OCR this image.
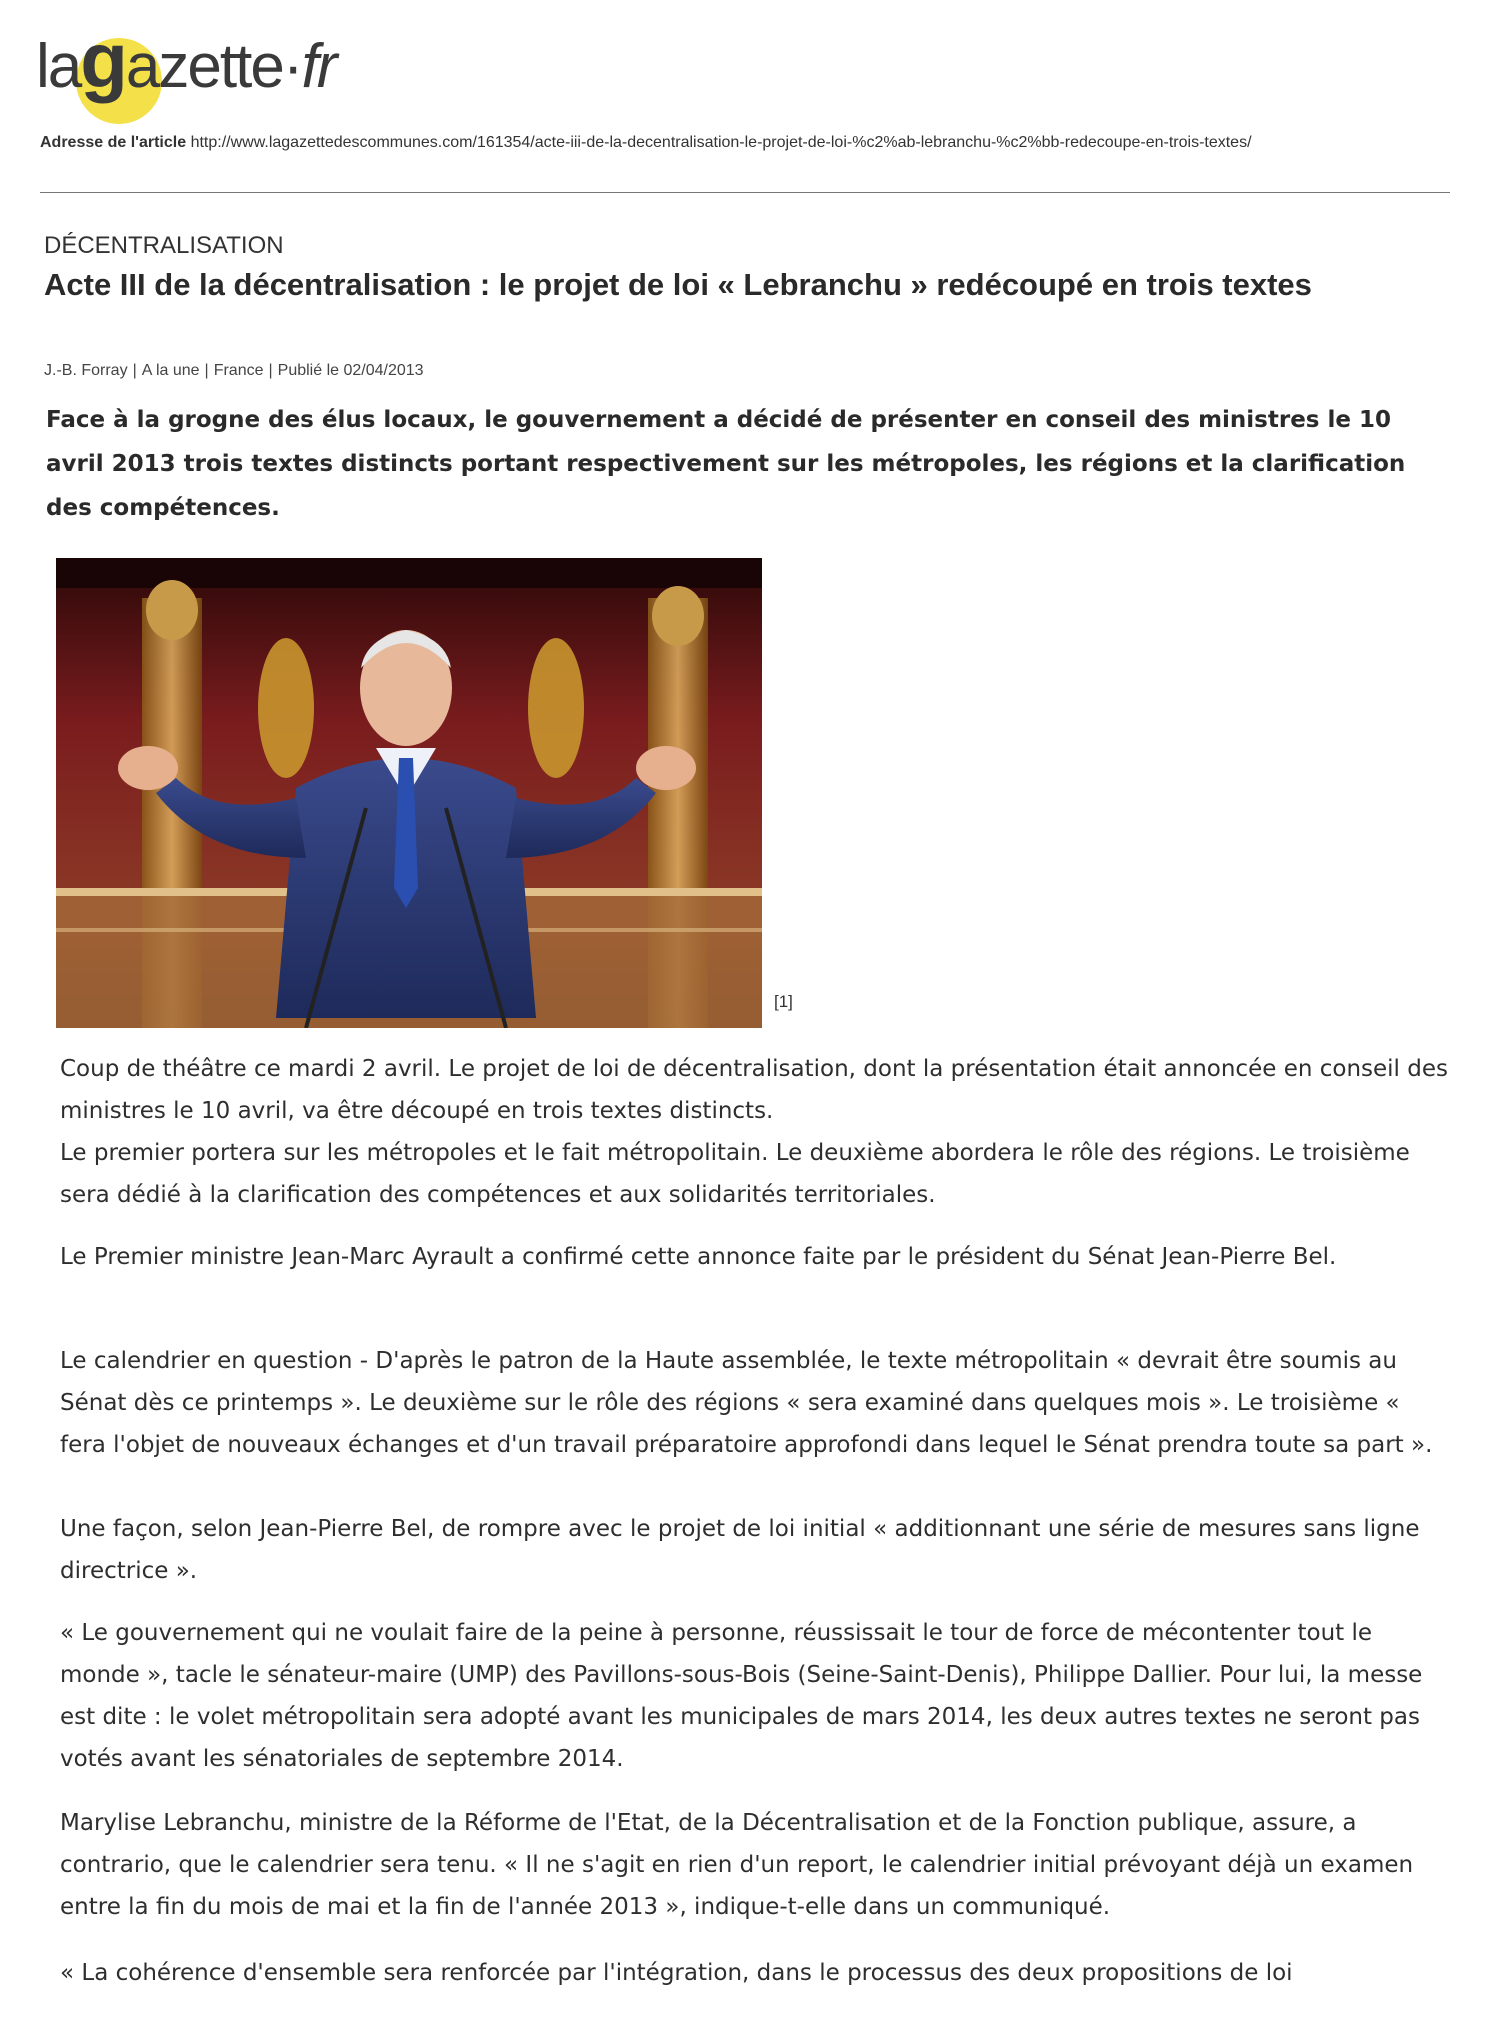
lagazette·fr
Adresse de l'article http://www.lagazettedescommunes.com/161354/acte-iii-de-la-decentralisation-le-projet-de-loi-%c2%ab-lebranchu-%c2%bb-redecoupe-en-trois-textes/
DÉCENTRALISATION
Acte III de la décentralisation : le projet de loi « Lebranchu » redécoupé en trois textes
J.-B. Forray | A la une | France | Publié le 02/04/2013

Face à la grogne des élus locaux, le gouvernement a décidé de présenter en conseil des ministres le 10 avril 2013 trois textes distincts portant respectivement sur les métropoles, les régions et la clarification des compétences.

[1]

Coup de théâtre ce mardi 2 avril. Le projet de loi de décentralisation, dont la présentation était annoncée en conseil des ministres le 10 avril, va être découpé en trois textes distincts.

Le premier portera sur les métropoles et le fait métropolitain. Le deuxième abordera le rôle des régions. Le troisième sera dédié à la clarification des compétences et aux solidarités territoriales.

Le Premier ministre Jean-Marc Ayrault a confirmé cette annonce faite par le président du Sénat Jean-Pierre Bel.

Le calendrier en question - D'après le patron de la Haute assemblée, le texte métropolitain « devrait être soumis au Sénat dès ce printemps ». Le deuxième sur le rôle des régions « sera examiné dans quelques mois ». Le troisième « fera l'objet de nouveaux échanges et d'un travail préparatoire approfondi dans lequel le Sénat prendra toute sa part ».

Une façon, selon Jean-Pierre Bel, de rompre avec le projet de loi initial « additionnant une série de mesures sans ligne directrice ».

« Le gouvernement qui ne voulait faire de la peine à personne, réussissait le tour de force de mécontenter tout le monde », tacle le sénateur-maire (UMP) des Pavillons-sous-Bois (Seine-Saint-Denis), Philippe Dallier. Pour lui, la messe est dite : le volet métropolitain sera adopté avant les municipales de mars 2014, les deux autres textes ne seront pas votés avant les sénatoriales de septembre 2014.

Marylise Lebranchu, ministre de la Réforme de l'Etat, de la Décentralisation et de la Fonction publique, assure, a contrario, que le calendrier sera tenu. « Il ne s'agit en rien d'un report, le calendrier initial prévoyant déjà un examen entre la fin du mois de mai et la fin de l'année 2013 », indique-t-elle dans un communiqué.

« La cohérence d'ensemble sera renforcée par l'intégration, dans le processus des deux propositions de loi
